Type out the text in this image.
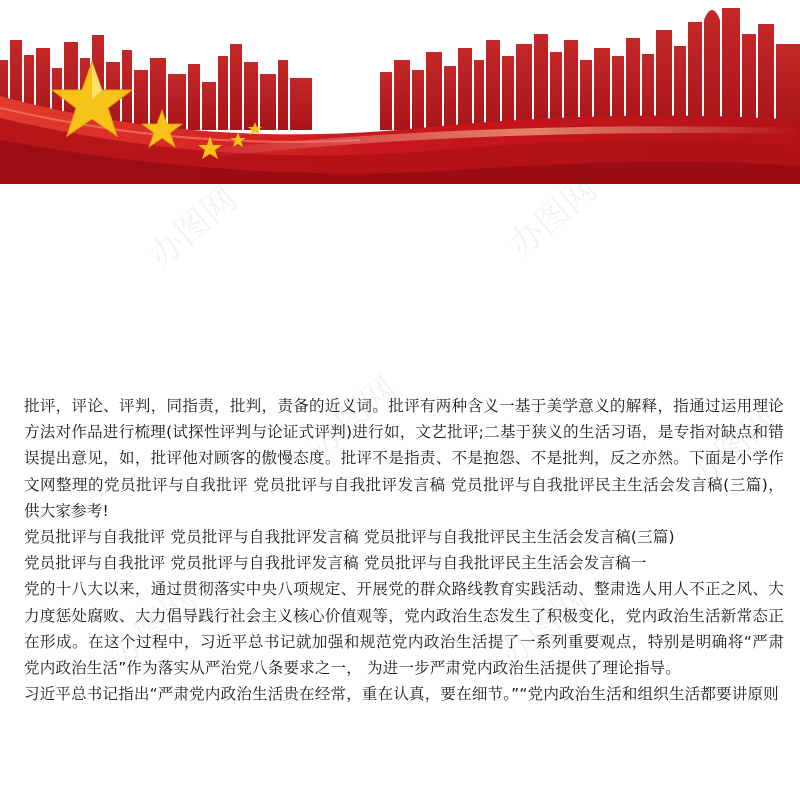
办图网	办图网
办图网
办图网	办图网
办图网

批评，评论、评判，同指责，批判，责备的近义词。批评有两种含义一基于美学意义的解释，指通过运用理论方法对作品进行梳理(试探性评判与论证式评判)进行如，文艺批评;二基于狭义的生活习语，是专指对缺点和错误提出意见，如，批评他对顾客的傲慢态度。批评不是指责、不是抱怨、不是批判，反之亦然。下面是小学作文网整理的党员批评与自我批评 党员批评与自我批评发言稿 党员批评与自我批评民主生活会发言稿(三篇)，供大家参考!

党员批评与自我批评 党员批评与自我批评发言稿 党员批评与自我批评民主生活会发言稿(三篇)

党员批评与自我批评 党员批评与自我批评发言稿 党员批评与自我批评民主生活会发言稿一

党的十八大以来，通过贯彻落实中央八项规定、开展党的群众路线教育实践活动、整肃选人用人不正之风、大力度惩处腐败、大力倡导践行社会主义核心价值观等，党内政治生态发生了积极变化，党内政治生活新常态正在形成。在这个过程中，习近平总书记就加强和规范党内政治生活提了一系列重要观点，特别是明确将“严肃党内政治生活”作为落实从严治党八条要求之一， 为进一步严肃党内政治生活提供了理论指导。

习近平总书记指出“严肃党内政治生活贵在经常，重在认真，要在细节。”“党内政治生活和组织生活都要讲原则
